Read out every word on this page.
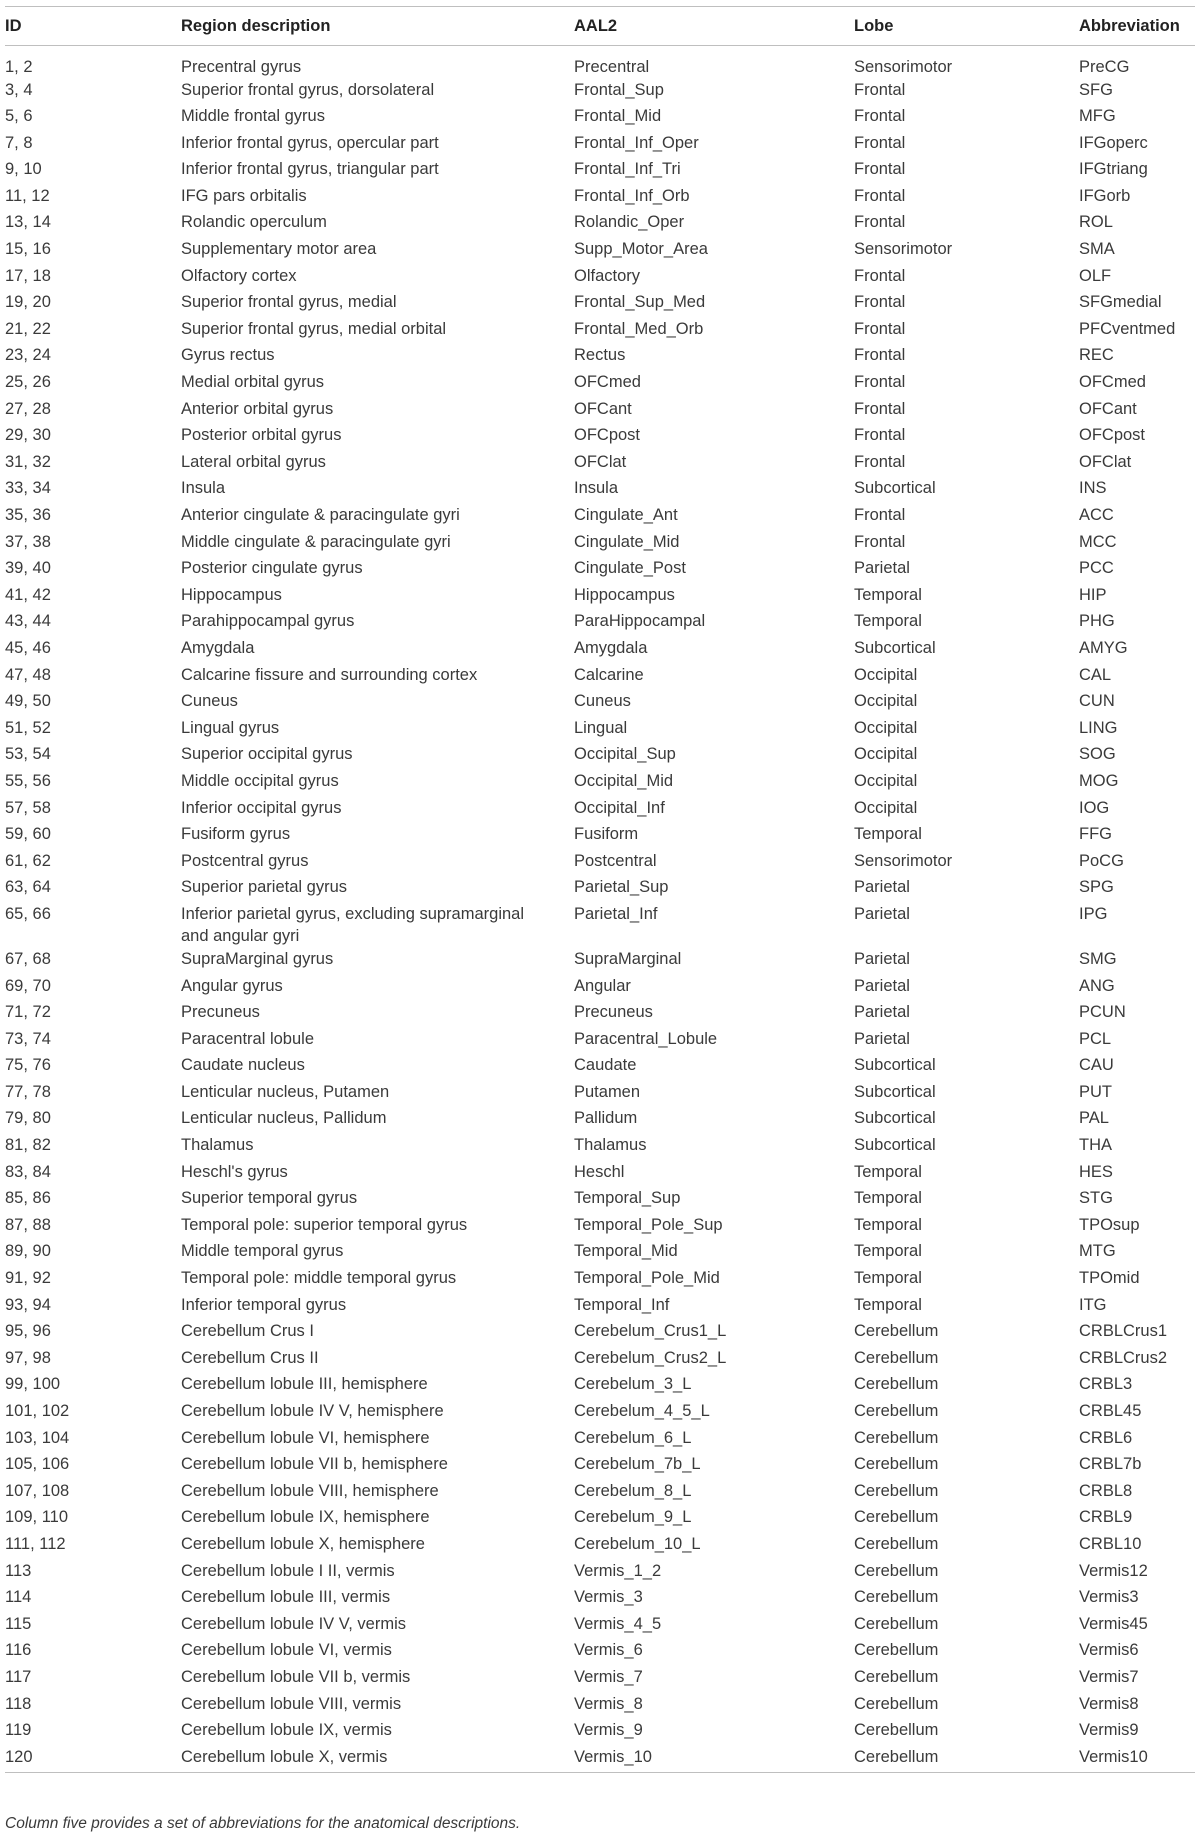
ID	Region description	AAL2	Lobe	Abbreviation
1, 2	Precentral gyrus	Precentral	Sensorimotor	PreCG
3, 4	Superior frontal gyrus, dorsolateral	Frontal_Sup	Frontal	SFG
5, 6	Middle frontal gyrus	Frontal_Mid	Frontal	MFG
7, 8	Inferior frontal gyrus, opercular part	Frontal_Inf_Oper	Frontal	IFGoperc
9, 10	Inferior frontal gyrus, triangular part	Frontal_Inf_Tri	Frontal	IFGtriang
11, 12	IFG pars orbitalis	Frontal_Inf_Orb	Frontal	IFGorb
13, 14	Rolandic operculum	Rolandic_Oper	Frontal	ROL
15, 16	Supplementary motor area	Supp_Motor_Area	Sensorimotor	SMA
17, 18	Olfactory cortex	Olfactory	Frontal	OLF
19, 20	Superior frontal gyrus, medial	Frontal_Sup_Med	Frontal	SFGmedial
21, 22	Superior frontal gyrus, medial orbital	Frontal_Med_Orb	Frontal	PFCventmed
23, 24	Gyrus rectus	Rectus	Frontal	REC
25, 26	Medial orbital gyrus	OFCmed	Frontal	OFCmed
27, 28	Anterior orbital gyrus	OFCant	Frontal	OFCant
29, 30	Posterior orbital gyrus	OFCpost	Frontal	OFCpost
31, 32	Lateral orbital gyrus	OFClat	Frontal	OFClat
33, 34	Insula	Insula	Subcortical	INS
35, 36	Anterior cingulate & paracingulate gyri	Cingulate_Ant	Frontal	ACC
37, 38	Middle cingulate & paracingulate gyri	Cingulate_Mid	Frontal	MCC
39, 40	Posterior cingulate gyrus	Cingulate_Post	Parietal	PCC
41, 42	Hippocampus	Hippocampus	Temporal	HIP
43, 44	Parahippocampal gyrus	ParaHippocampal	Temporal	PHG
45, 46	Amygdala	Amygdala	Subcortical	AMYG
47, 48	Calcarine fissure and surrounding cortex	Calcarine	Occipital	CAL
49, 50	Cuneus	Cuneus	Occipital	CUN
51, 52	Lingual gyrus	Lingual	Occipital	LING
53, 54	Superior occipital gyrus	Occipital_Sup	Occipital	SOG
55, 56	Middle occipital gyrus	Occipital_Mid	Occipital	MOG
57, 58	Inferior occipital gyrus	Occipital_Inf	Occipital	IOG
59, 60	Fusiform gyrus	Fusiform	Temporal	FFG
61, 62	Postcentral gyrus	Postcentral	Sensorimotor	PoCG
63, 64	Superior parietal gyrus	Parietal_Sup	Parietal	SPG
65, 66	Inferior parietal gyrus, excluding supramarginal and angular gyri	Parietal_Inf	Parietal	IPG
67, 68	SupraMarginal gyrus	SupraMarginal	Parietal	SMG
69, 70	Angular gyrus	Angular	Parietal	ANG
71, 72	Precuneus	Precuneus	Parietal	PCUN
73, 74	Paracentral lobule	Paracentral_Lobule	Parietal	PCL
75, 76	Caudate nucleus	Caudate	Subcortical	CAU
77, 78	Lenticular nucleus, Putamen	Putamen	Subcortical	PUT
79, 80	Lenticular nucleus, Pallidum	Pallidum	Subcortical	PAL
81, 82	Thalamus	Thalamus	Subcortical	THA
83, 84	Heschl's gyrus	Heschl	Temporal	HES
85, 86	Superior temporal gyrus	Temporal_Sup	Temporal	STG
87, 88	Temporal pole: superior temporal gyrus	Temporal_Pole_Sup	Temporal	TPOsup
89, 90	Middle temporal gyrus	Temporal_Mid	Temporal	MTG
91, 92	Temporal pole: middle temporal gyrus	Temporal_Pole_Mid	Temporal	TPOmid
93, 94	Inferior temporal gyrus	Temporal_Inf	Temporal	ITG
95, 96	Cerebellum Crus I	Cerebelum_Crus1_L	Cerebellum	CRBLCrus1
97, 98	Cerebellum Crus II	Cerebelum_Crus2_L	Cerebellum	CRBLCrus2
99, 100	Cerebellum lobule III, hemisphere	Cerebelum_3_L	Cerebellum	CRBL3
101, 102	Cerebellum lobule IV V, hemisphere	Cerebelum_4_5_L	Cerebellum	CRBL45
103, 104	Cerebellum lobule VI, hemisphere	Cerebelum_6_L	Cerebellum	CRBL6
105, 106	Cerebellum lobule VII b, hemisphere	Cerebelum_7b_L	Cerebellum	CRBL7b
107, 108	Cerebellum lobule VIII, hemisphere	Cerebelum_8_L	Cerebellum	CRBL8
109, 110	Cerebellum lobule IX, hemisphere	Cerebelum_9_L	Cerebellum	CRBL9
111, 112	Cerebellum lobule X, hemisphere	Cerebelum_10_L	Cerebellum	CRBL10
113	Cerebellum lobule I II, vermis	Vermis_1_2	Cerebellum	Vermis12
114	Cerebellum lobule III, vermis	Vermis_3	Cerebellum	Vermis3
115	Cerebellum lobule IV V, vermis	Vermis_4_5	Cerebellum	Vermis45
116	Cerebellum lobule VI, vermis	Vermis_6	Cerebellum	Vermis6
117	Cerebellum lobule VII b, vermis	Vermis_7	Cerebellum	Vermis7
118	Cerebellum lobule VIII, vermis	Vermis_8	Cerebellum	Vermis8
119	Cerebellum lobule IX, vermis	Vermis_9	Cerebellum	Vermis9
120	Cerebellum lobule X, vermis	Vermis_10	Cerebellum	Vermis10
Column five provides a set of abbreviations for the anatomical descriptions.
